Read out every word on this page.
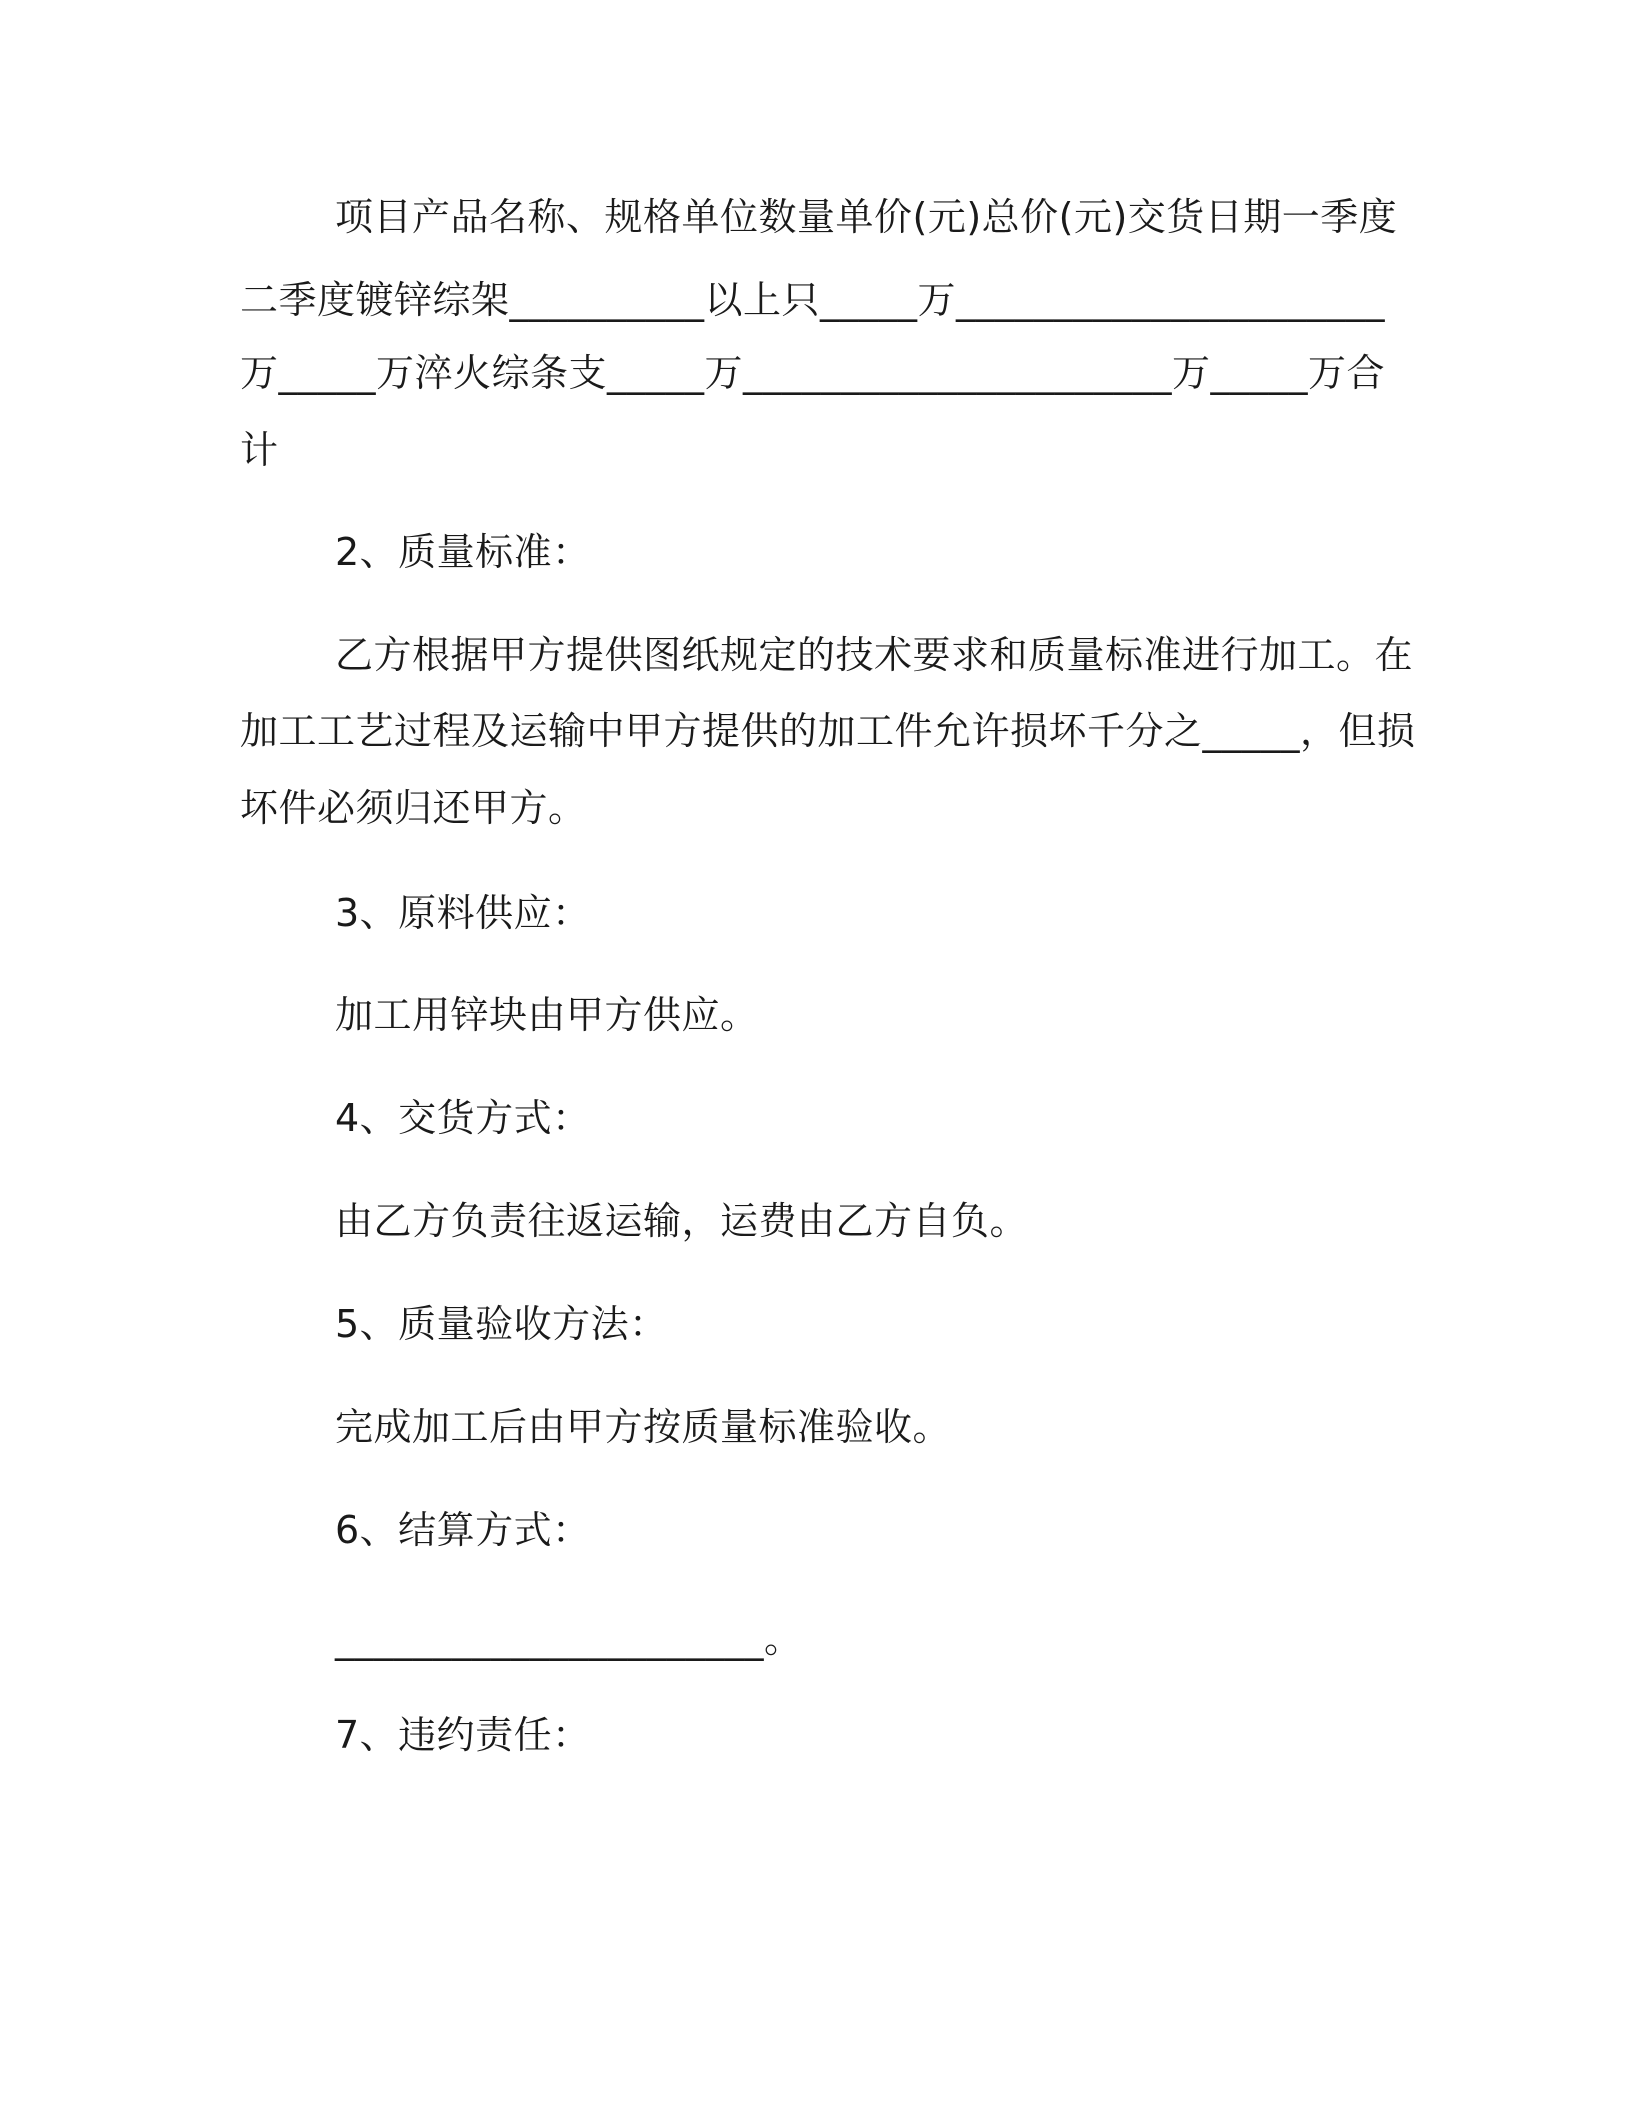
项目产品名称、规格单位数量单价(元)总价(元)交货日期一季度
二季度镀锌综架__________以上只_____万______________________
万_____万淬火综条支_____万______________________万_____万合
计
2、质量标准：
乙方根据甲方提供图纸规定的技术要求和质量标准进行加工。在
加工工艺过程及运输中甲方提供的加工件允许损坏千分之_____，但损
坏件必须归还甲方。
3、原料供应：
加工用锌块由甲方供应。
4、交货方式：
由乙方负责往返运输，运费由乙方自负。
5、质量验收方法：
完成加工后由甲方按质量标准验收。
6、结算方式：
______________________。
7、违约责任：
